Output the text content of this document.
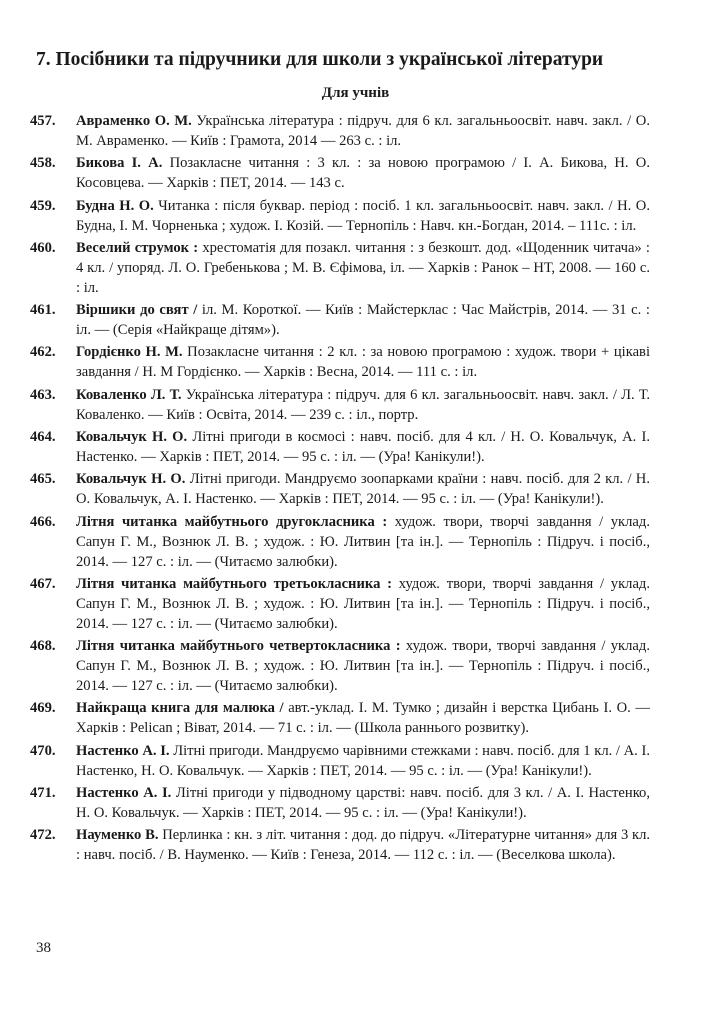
7. Посібники та підручники для школи з української літератури
Для учнів
457. Авраменко О. М. Українська література : підруч. для 6 кл. загальньоосвіт. навч. закл. / О. М. Авраменко. — Київ : Грамота, 2014 — 263 с. : іл.
458. Бикова І. А. Позакласне читання : 3 кл. : за новою програмою / І. А. Бикова, Н. О. Косовцева. — Харків : ПЕТ, 2014. — 143 с.
459. Будна Н. О. Читанка : після буквар. період : посіб. 1 кл. загальньоосвіт. навч. закл. / Н. О. Будна, І. М. Чорненька ; худож. І. Козій. — Тернопіль : Навч. кн.-Богдан, 2014. – 111с. : іл.
460. Веселий струмок : хрестоматія для позакл. читання : з безкошт. дод. «Щоденник читача» : 4 кл. / упоряд. Л. О. Гребенькова ; М. В. Єфімова, іл. — Харків : Ранок – НТ, 2008. — 160 с. : іл.
461. Віршики до свят / іл. М. Короткої. — Київ : Майстерклас : Час Майстрів, 2014. — 31 с. : іл. — (Серія «Найкраще дітям»).
462. Гордієнко Н. М. Позакласне читання : 2 кл. : за новою програмою : худож. твори + цікаві завдання / Н. М Гордієнко. — Харків : Весна, 2014. — 111 с. : іл.
463. Коваленко Л. Т. Українська література : підруч. для 6 кл. загальньоосвіт. навч. закл. / Л. Т. Коваленко. — Київ : Освіта, 2014. — 239 с. : іл., портр.
464. Ковальчук Н. О. Літні пригоди в космосі : навч. посіб. для 4 кл. / Н. О. Ковальчук, А. І. Настенко. — Харків : ПЕТ, 2014. — 95 с. : іл. — (Ура! Канікули!).
465. Ковальчук Н. О. Літні пригоди. Мандруємо зоопарками країни : навч. посіб. для 2 кл. / Н. О. Ковальчук, А. І. Настенко. — Харків : ПЕТ, 2014. — 95 с. : іл. — (Ура! Канікули!).
466. Літня читанка майбутнього другокласника : худож. твори, творчі завдання / уклад. Сапун Г. М., Вознюк Л. В. ; худож. : Ю. Литвин [та ін.]. — Тернопіль : Підруч. і посіб., 2014. — 127 с. : іл. — (Читаємо залюбки).
467. Літня читанка майбутнього третьокласника : худож. твори, творчі завдання / уклад. Сапун Г. М., Вознюк Л. В. ; худож. : Ю. Литвин [та ін.]. — Тернопіль : Підруч. і посіб., 2014. — 127 с. : іл. — (Читаємо залюбки).
468. Літня читанка майбутнього четвертокласника : худож. твори, творчі завдання / уклад. Сапун Г. М., Вознюк Л. В. ; худож. : Ю. Литвин [та ін.]. — Тернопіль : Підруч. і посіб., 2014. — 127 с. : іл. — (Читаємо залюбки).
469. Найкраща книга для малюка / авт.-уклад. І. М. Тумко ; дизайн і верстка Цибань І. О. — Харків : Pelican ; Віват, 2014. — 71 с. : іл. — (Школа раннього розвитку).
470. Настенко А. І. Літні пригоди. Мандруємо чарівними стежками : навч. посіб. для 1 кл. / А. І. Настенко, Н. О. Ковальчук. — Харків : ПЕТ, 2014. — 95 с. : іл. — (Ура! Канікули!).
471. Настенко А. І. Літні пригоди у підводному царстві: навч. посіб. для 3 кл. / А. І. Настенко, Н. О. Ковальчук. — Харків : ПЕТ, 2014. — 95 с. : іл. — (Ура! Канікули!).
472. Науменко В. Перлинка : кн. з літ. читання : дод. до підруч. «Літературне читання» для 3 кл. : навч. посіб. / В. Науменко. — Київ : Генеза, 2014. — 112 с. : іл. — (Веселкова школа).
38
